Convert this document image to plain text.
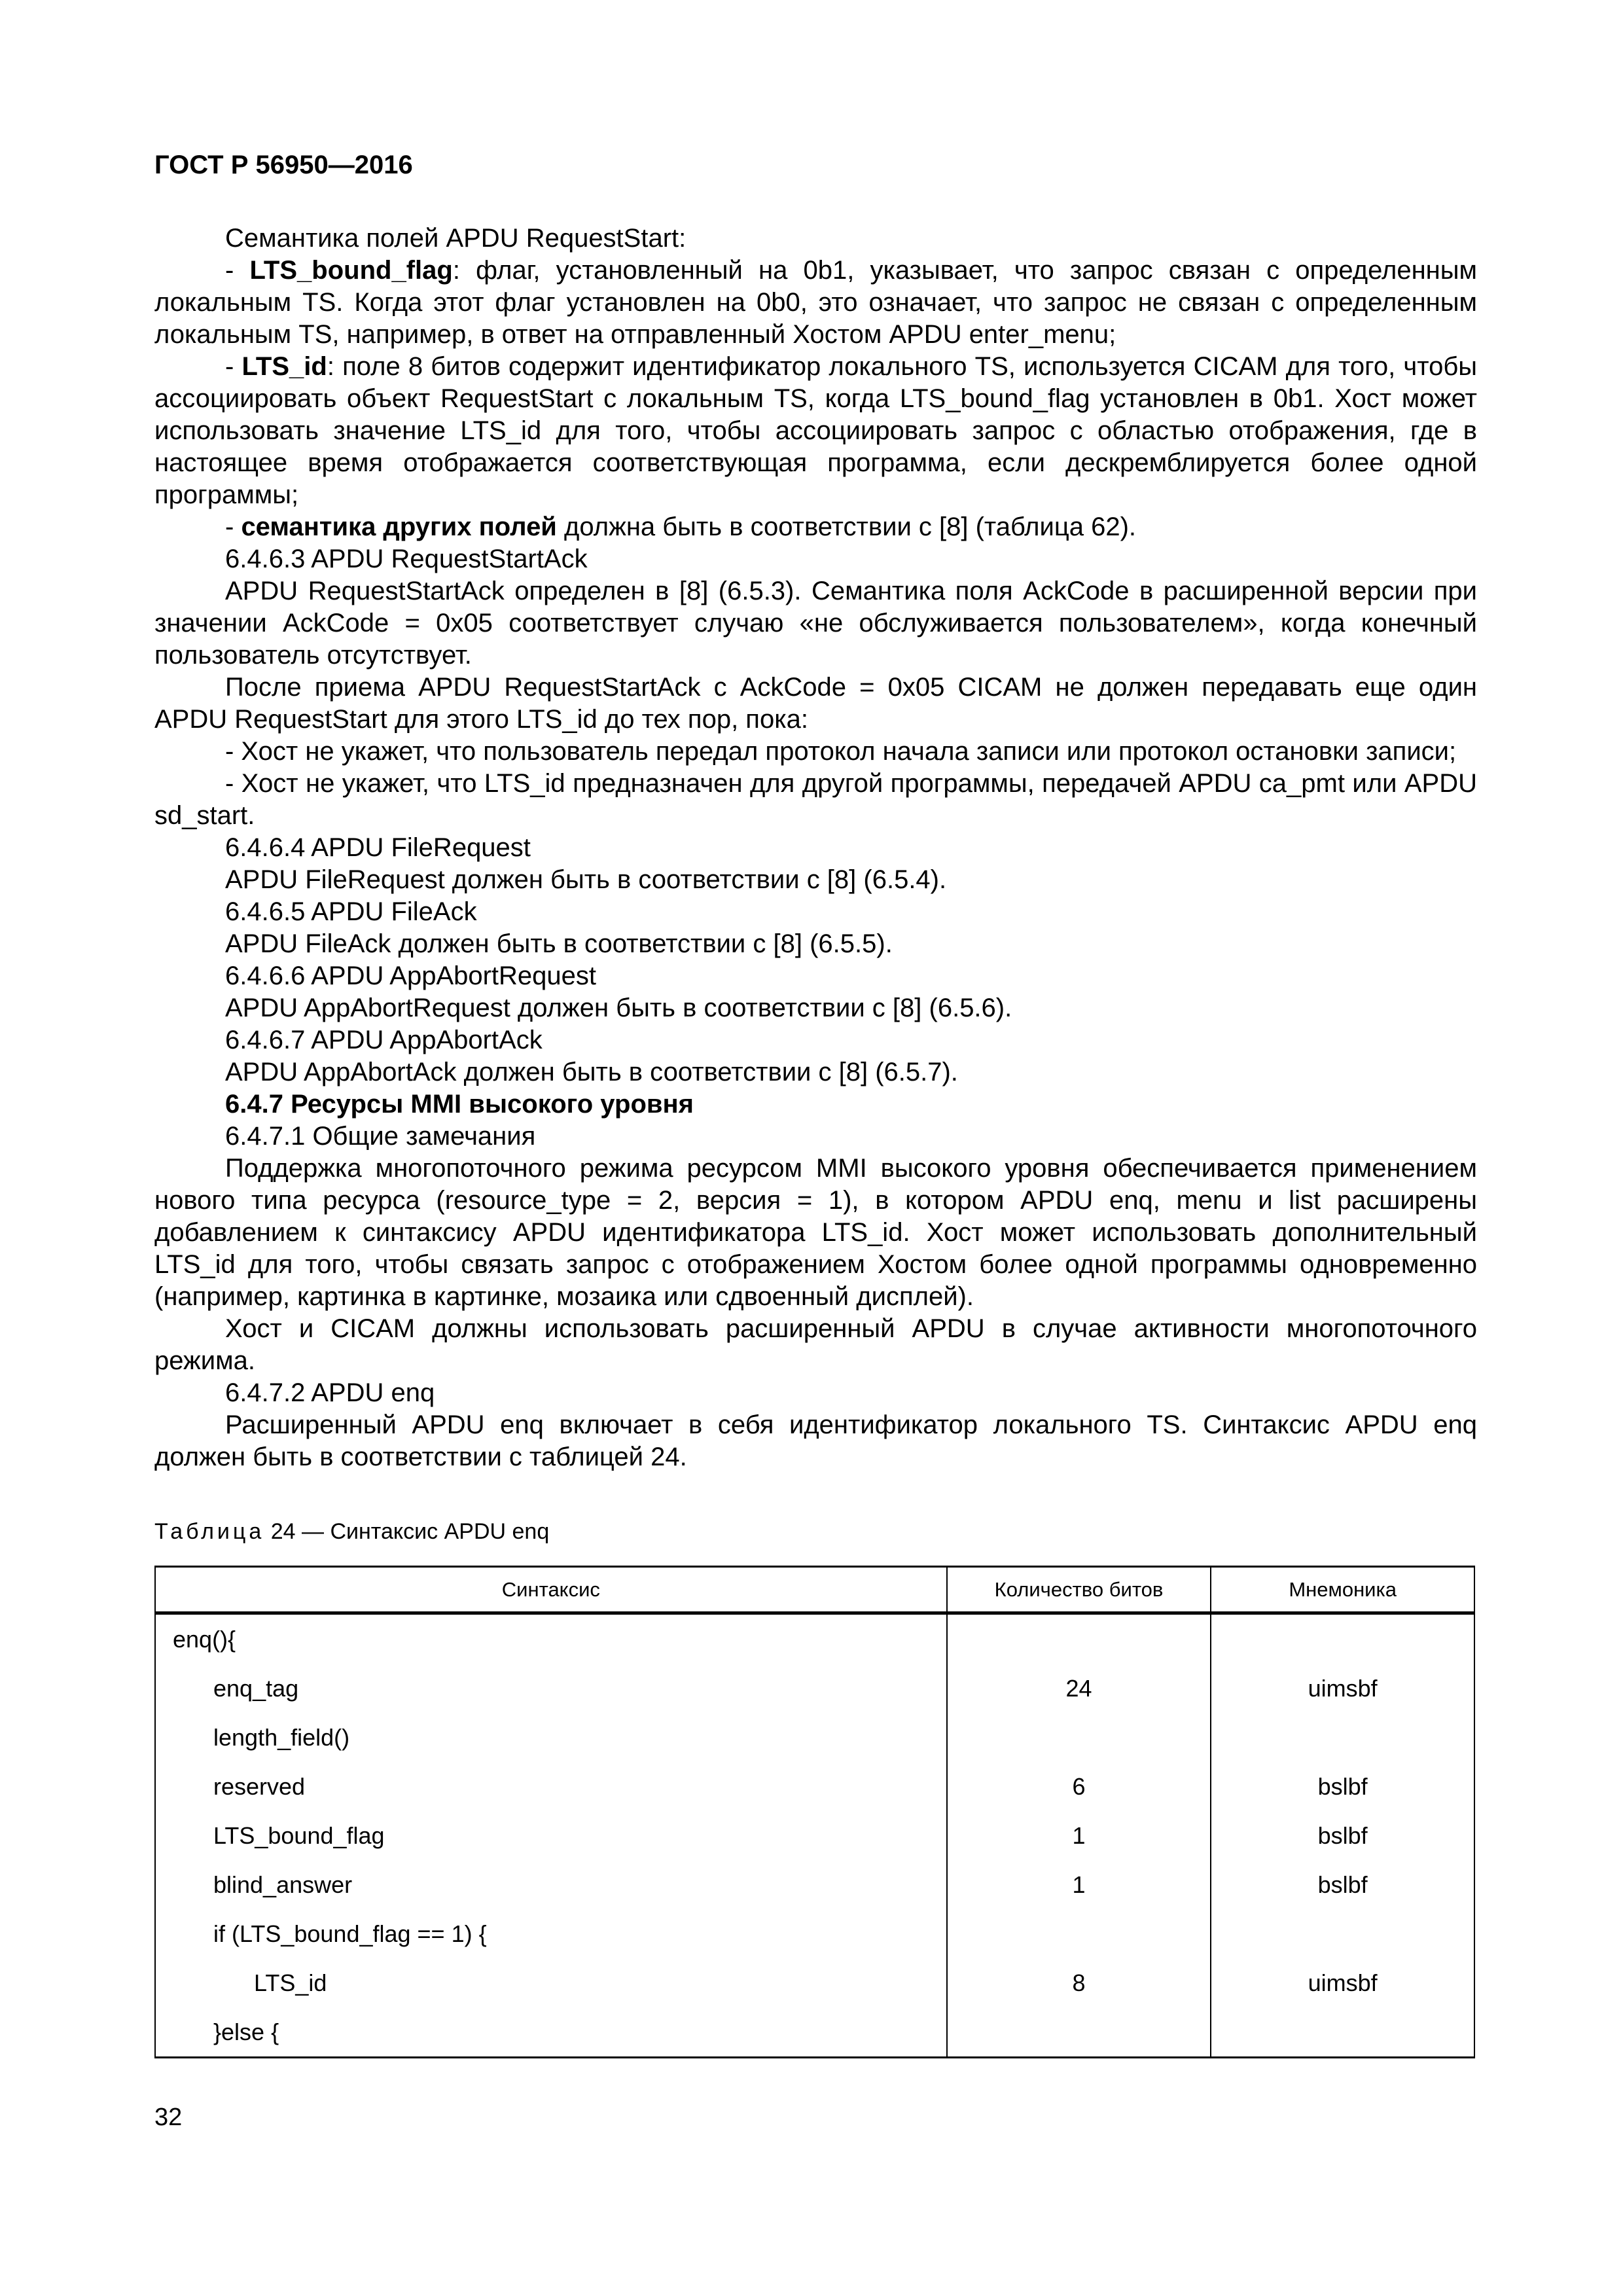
ГОСТ Р 56950—2016

Семантика полей APDU RequestStart:

- LTS_bound_flag: флаг, установленный на 0b1, указывает, что запрос связан с определенным локальным TS. Когда этот флаг установлен на 0b0, это означает, что запрос не связан с определенным локальным TS, например, в ответ на отправленный Хостом APDU enter_menu;

- LTS_id: поле 8 битов содержит идентификатор локального TS, используется CICAM для того, чтобы ассоциировать объект RequestStart с локальным TS, когда LTS_bound_flag установлен в 0b1. Хост может использовать значение LTS_id для того, чтобы ассоциировать запрос с областью отображения, где в настоящее время отображается соответствующая программа, если дескремблируется более одной программы;

- семантика других полей должна быть в соответствии с [8] (таблица 62).

6.4.6.3 APDU RequestStartAck

APDU RequestStartAck определен в [8] (6.5.3). Семантика поля AckCode в расширенной версии при значении AckCode = 0x05 соответствует случаю «не обслуживается пользователем», когда конечный пользователь отсутствует.

После приема APDU RequestStartAck с AckCode = 0x05 CICAM не должен передавать еще один APDU RequestStart для этого LTS_id до тех пор, пока:

- Хост не укажет, что пользователь передал протокол начала записи или протокол остановки записи;

- Хост не укажет, что LTS_id предназначен для другой программы, передачей APDU ca_pmt или APDU sd_start.

6.4.6.4 APDU FileRequest

APDU FileRequest должен быть в соответствии с [8] (6.5.4).

6.4.6.5 APDU FileAck

APDU FileAck должен быть в соответствии с [8] (6.5.5).

6.4.6.6 APDU AppAbortRequest

APDU AppAbortRequest должен быть в соответствии с [8] (6.5.6).

6.4.6.7 APDU AppAbortAck

APDU AppAbortAck должен быть в соответствии с [8] (6.5.7).

6.4.7 Ресурсы MMI высокого уровня

6.4.7.1 Общие замечания

Поддержка многопоточного режима ресурсом MMI высокого уровня обеспечивается применением нового типа ресурса (resource_type = 2, версия = 1), в котором APDU enq, menu и list расширены добавлением к синтаксису APDU идентификатора LTS_id. Хост может использовать дополнительный LTS_id для того, чтобы связать запрос с отображением Хостом более одной программы одновременно (например, картинка в картинке, мозаика или сдвоенный дисплей).

Хост и CICAM должны использовать расширенный APDU в случае активности многопоточного режима.

6.4.7.2 APDU enq

Расширенный APDU enq включает в себя идентификатор локального TS. Синтаксис APDU enq должен быть в соответствии с таблицей 24.

Таблица 24 — Синтаксис APDU enq
Синтаксис	Количество битов	Мнемоника
enq(){		
enq_tag	24	uimsbf
length_field()		
reserved	6	bslbf
LTS_bound_flag	1	bslbf
blind_answer	1	bslbf
if (LTS_bound_flag == 1) {		
LTS_id	8	uimsbf
}else {		
32
